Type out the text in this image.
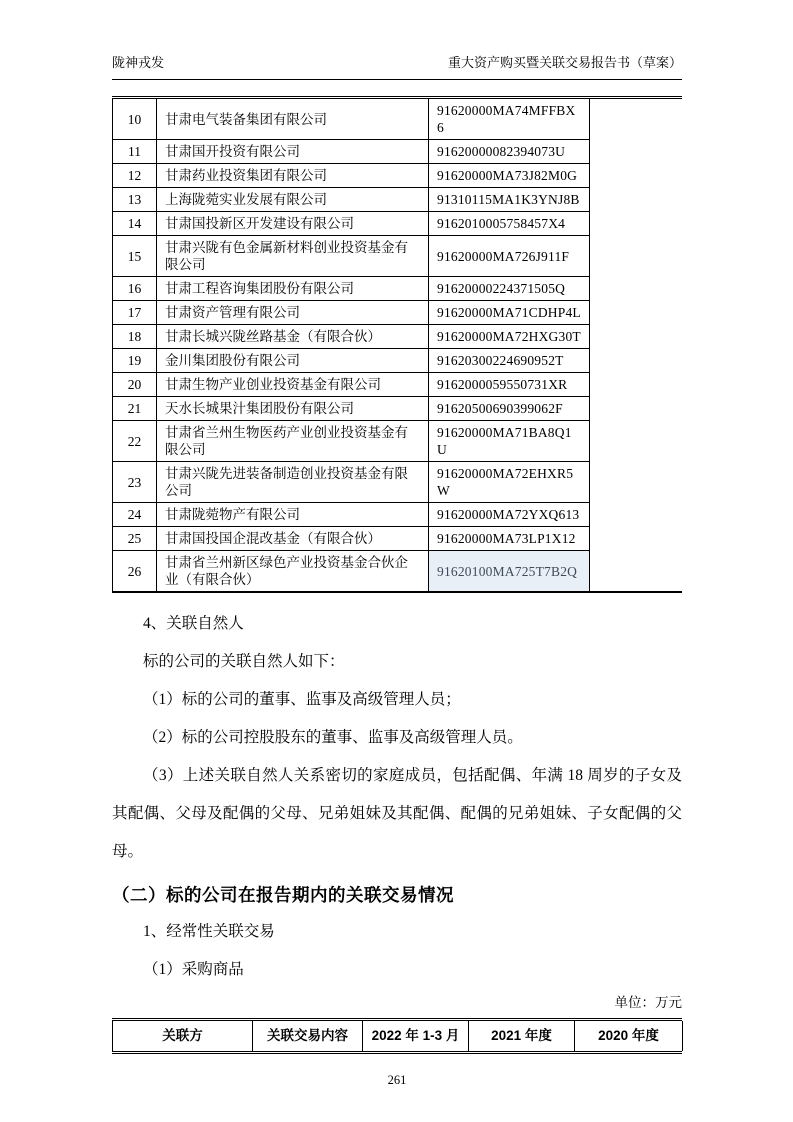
陇神戎发	重大资产购买暨关联交易报告书（草案）
10	甘肃电气装备集团有限公司	91620000MA74MFFBX6	
11	甘肃国开投资有限公司	91620000082394073U	
12	甘肃药业投资集团有限公司	91620000MA73J82M0G	
13	上海陇菀实业发展有限公司	91310115MA1K3YNJ8B	
14	甘肃国投新区开发建设有限公司	9162010005758457X4	
15	甘肃兴陇有色金属新材料创业投资基金有限公司	91620000MA726J911F	
16	甘肃工程咨询集团股份有限公司	91620000224371505Q	
17	甘肃资产管理有限公司	91620000MA71CDHP4L	
18	甘肃长城兴陇丝路基金（有限合伙）	91620000MA72HXG30T	
19	金川集团股份有限公司	91620300224690952T	
20	甘肃生物产业创业投资基金有限公司	9162000059550731XR	
21	天水长城果汁集团股份有限公司	91620500690399062F	
22	甘肃省兰州生物医药产业创业投资基金有限公司	91620000MA71BA8Q1U	
23	甘肃兴陇先进装备制造创业投资基金有限公司	91620000MA72EHXR5W	
24	甘肃陇菀物产有限公司	91620000MA72YXQ613	
25	甘肃国投国企混改基金（有限合伙）	91620000MA73LP1X12	
26	甘肃省兰州新区绿色产业投资基金合伙企业（有限合伙）	91620100MA725T7B2Q	

4、关联自然人

标的公司的关联自然人如下：

（1）标的公司的董事、监事及高级管理人员；

（2）标的公司控股股东的董事、监事及高级管理人员。

（3）上述关联自然人关系密切的家庭成员，包括配偶、年满 18 周岁的子女及其配偶、父母及配偶的父母、兄弟姐妹及其配偶、配偶的兄弟姐妹、子女配偶的父母。

（二）标的公司在报告期内的关联交易情况

1、经常性关联交易

（1）采购商品

单位：万元
关联方	关联交易内容	2022 年 1-3 月	2021 年度	2020 年度
261
